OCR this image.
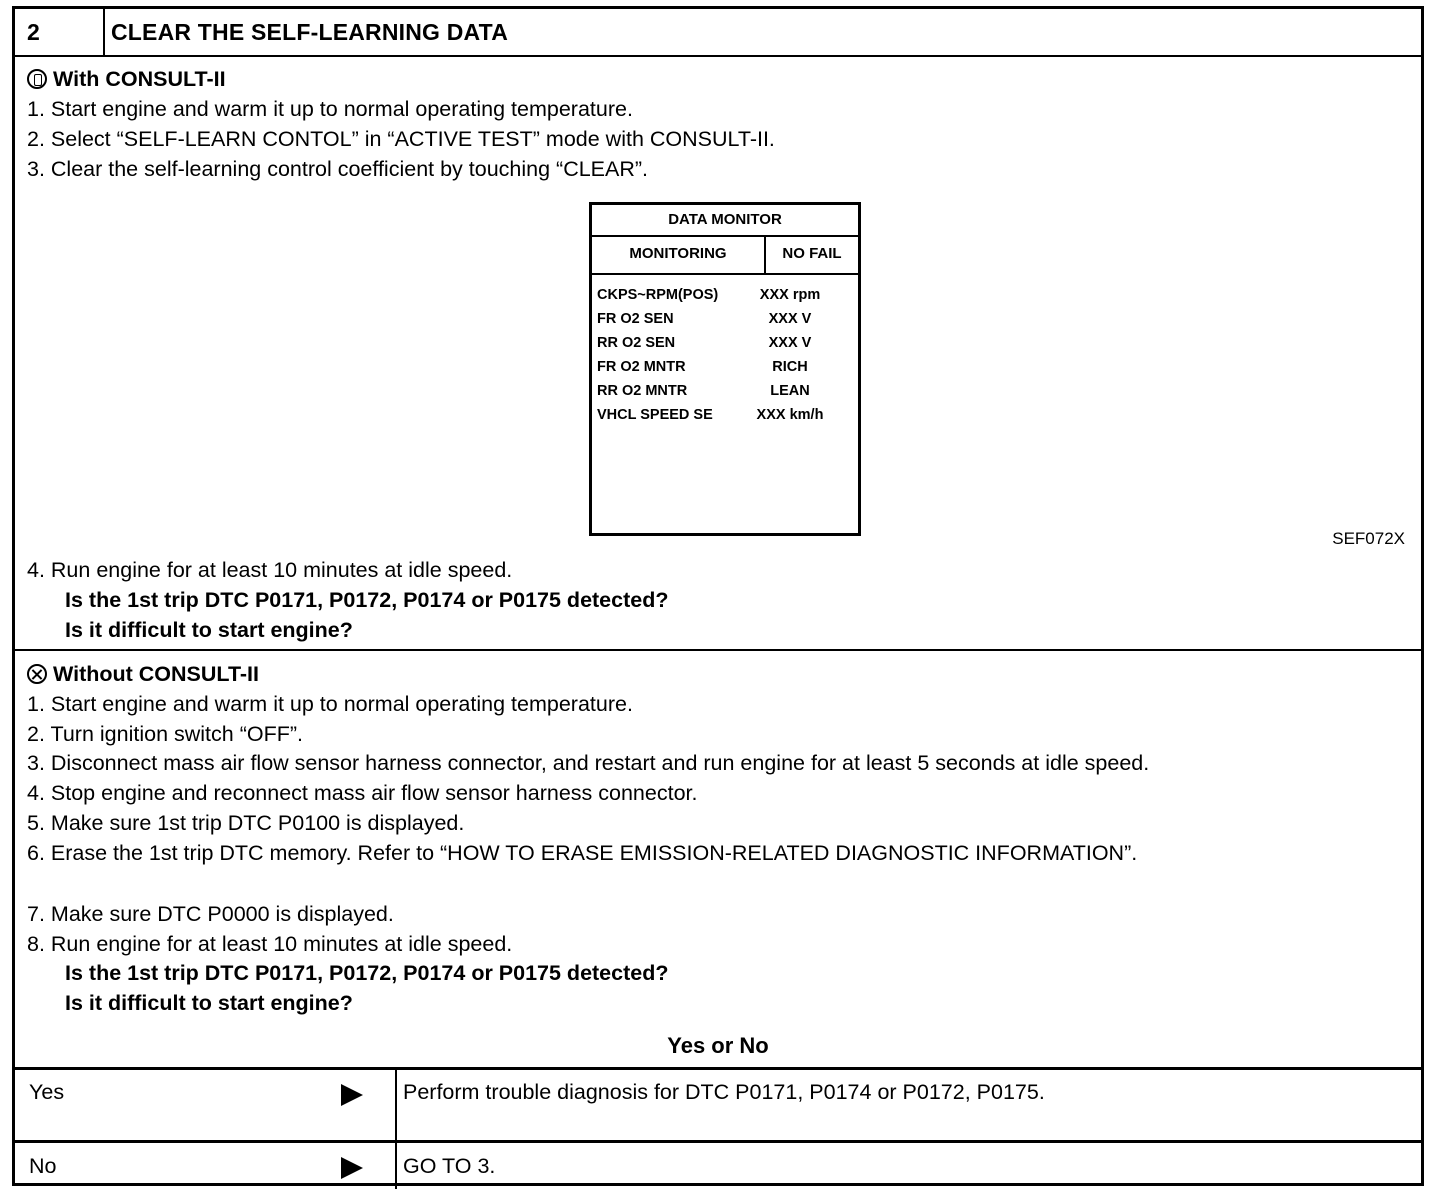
2	CLEAR THE SELF-LEARNING DATA
With CONSULT-II
1. Start engine and warm it up to normal operating temperature.
2. Select “SELF-LEARN CONTOL” in “ACTIVE TEST” mode with CONSULT-II.
3. Clear the self-learning control coefficient by touching “CLEAR”.
DATA MONITOR
MONITORING	NO FAIL
CKPS~RPM(POS)	XXX rpm
FR O2 SEN	XXX V
RR O2 SEN	XXX V
FR O2 MNTR	RICH
RR O2 MNTR	LEAN
VHCL SPEED SE	XXX km/h
SEF072X
4. Run engine for at least 10 minutes at idle speed.
Is the 1st trip DTC P0171, P0172, P0174 or P0175 detected?
Is it difficult to start engine?
Without CONSULT-II
1. Start engine and warm it up to normal operating temperature.
2. Turn ignition switch “OFF”.
3. Disconnect mass air flow sensor harness connector, and restart and run engine for at least 5 seconds at idle speed.
4. Stop engine and reconnect mass air flow sensor harness connector.
5. Make sure 1st trip DTC P0100 is displayed.
6. Erase the 1st trip DTC memory. Refer to “HOW TO ERASE EMISSION-RELATED DIAGNOSTIC INFORMATION”.
7. Make sure DTC P0000 is displayed.
8. Run engine for at least 10 minutes at idle speed.
Is the 1st trip DTC P0171, P0172, P0174 or P0175 detected?
Is it difficult to start engine?
Yes or No
Yes	Perform trouble diagnosis for DTC P0171, P0174 or P0172, P0175.
No	GO TO 3.
